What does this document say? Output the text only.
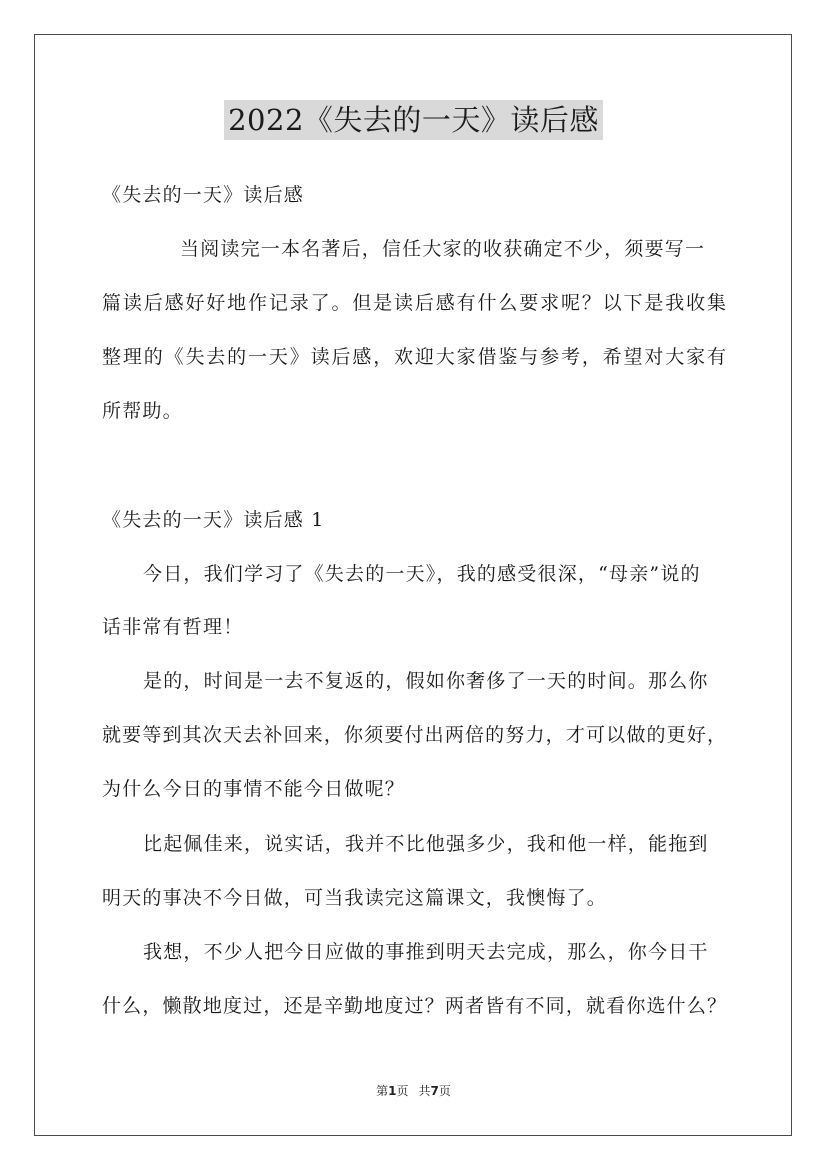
2022《失去的一天》读后感
《失去的一天》读后感
当阅读完一本名著后，信任大家的收获确定不少，须要写一
篇读后感好好地作记录了。但是读后感有什么要求呢？以下是我收集
整理的《失去的一天》读后感，欢迎大家借鉴与参考，希望对大家有
所帮助。
《失去的一天》读后感 1
今日，我们学习了《失去的一天》，我的感受很深，“母亲”说的
话非常有哲理！
是的，时间是一去不复返的，假如你奢侈了一天的时间。那么你
就要等到其次天去补回来，你须要付出两倍的努力，才可以做的更好，
为什么今日的事情不能今日做呢？
比起佩佳来，说实话，我并不比他强多少，我和他一样，能拖到
明天的事决不今日做，可当我读完这篇课文，我懊悔了。
我想，不少人把今日应做的事推到明天去完成，那么，你今日干
什么，懒散地度过，还是辛勤地度过？两者皆有不同，就看你选什么？
第1页 共7页
